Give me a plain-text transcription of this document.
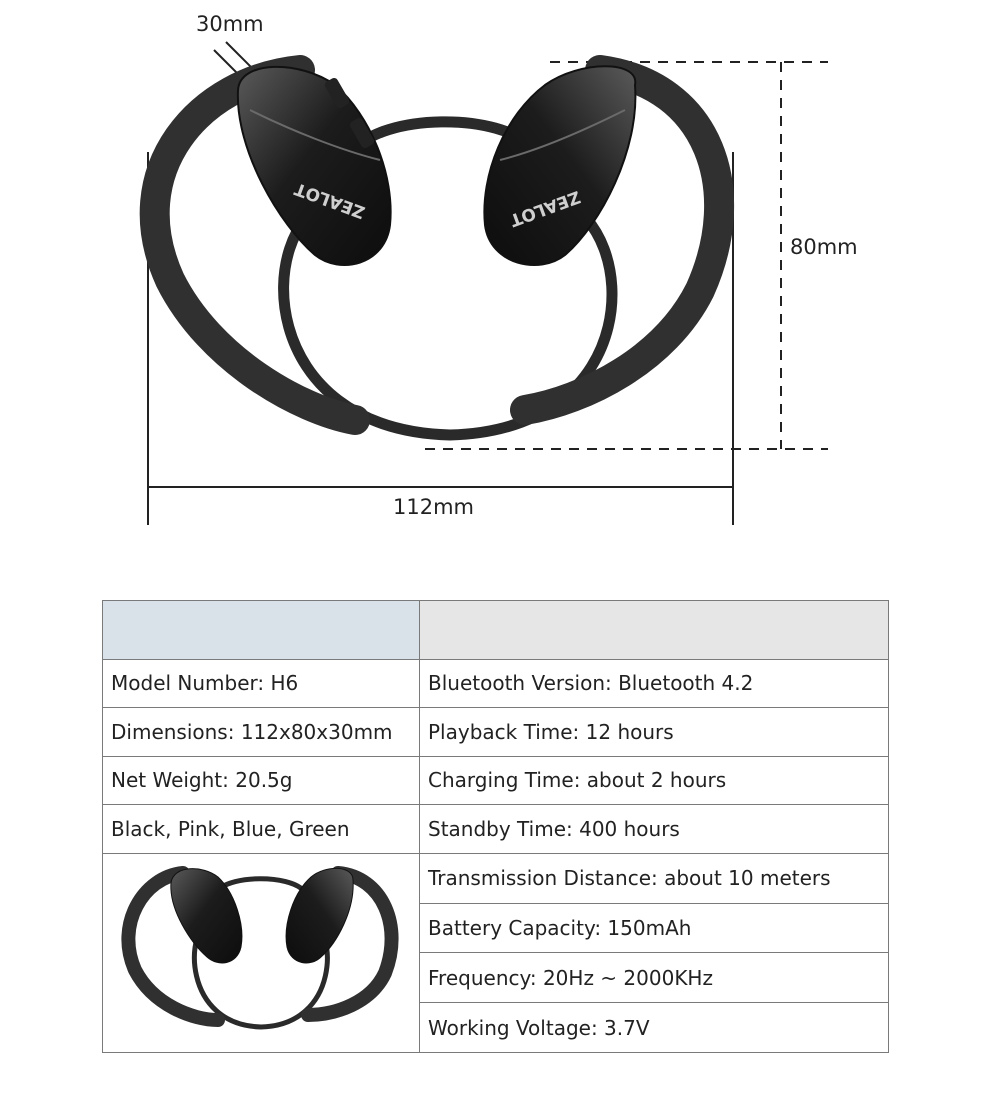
ZEALOT	ZEALOT
30mm
80mm
112mm

Model Number: H6	Bluetooth Version: Bluetooth 4.2
Dimensions: 112x80x30mm	Playback Time: 12 hours
Net Weight: 20.5g	Charging Time: about 2 hours
Black, Pink, Blue, Green	Standby Time: 400 hours

	Transmission Distance: about 10 meters
	Battery Capacity: 150mAh
	Frequency: 20Hz ~ 2000KHz
	Working Voltage: 3.7V
